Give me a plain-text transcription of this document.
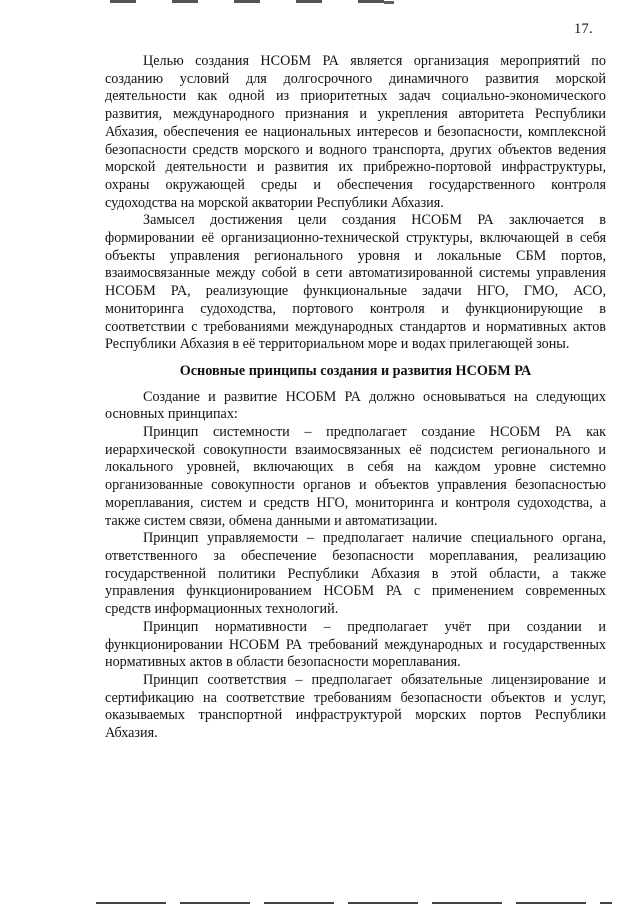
17.

Целью создания НСОБМ РА является организация мероприятий по созданию условий для долгосрочного динамичного развития морской деятельности как одной из приоритетных задач социально-экономического развития, международного признания и укрепления авторитета Республики Абхазия, обеспечения ее национальных интересов и безопасности, комплексной безопасности средств морского и водного транспорта, других объектов ведения морской деятельности и развития их прибрежно-портовой инфраструктуры, охраны окружающей среды и обеспечения государственного контроля судоходства на морской акватории Республики Абхазия.

Замысел достижения цели создания НСОБМ РА заключается в формировании её организационно-технической структуры, включающей в себя объекты управления регионального уровня и локальные СБМ портов, взаимосвязанные между собой в сети автоматизированной системы управления НСОБМ РА, реализующие функциональные задачи НГО, ГМО, АСО, мониторинга судоходства, портового контроля и функционирующие в соответствии с требованиями международных стандартов и нормативных актов Республики Абхазия в её территориальном море и водах прилегающей зоны.

Основные принципы создания и развития НСОБМ РА

Создание и развитие НСОБМ РА должно основываться на следующих основных принципах:

Принцип системности – предполагает создание НСОБМ РА как иерархической совокупности взаимосвязанных её подсистем регионального и локального уровней, включающих в себя на каждом уровне системно организованные совокупности органов и объектов управления безопасностью мореплавания, систем и средств НГО, мониторинга и контроля судоходства, а также систем связи, обмена данными и автоматизации.

Принцип управляемости – предполагает наличие специального органа, ответственного за обеспечение безопасности мореплавания, реализацию государственной политики Республики Абхазия в этой области, а также управления функционированием НСОБМ РА с применением современных средств информационных технологий.

Принцип нормативности – предполагает учёт при создании и функционировании НСОБМ РА требований международных и государственных нормативных актов в области безопасности мореплавания.

Принцип соответствия – предполагает обязательные лицензирование и сертификацию на соответствие требованиям безопасности объектов и услуг, оказываемых транспортной инфраструктурой морских портов Республики Абхазия.
